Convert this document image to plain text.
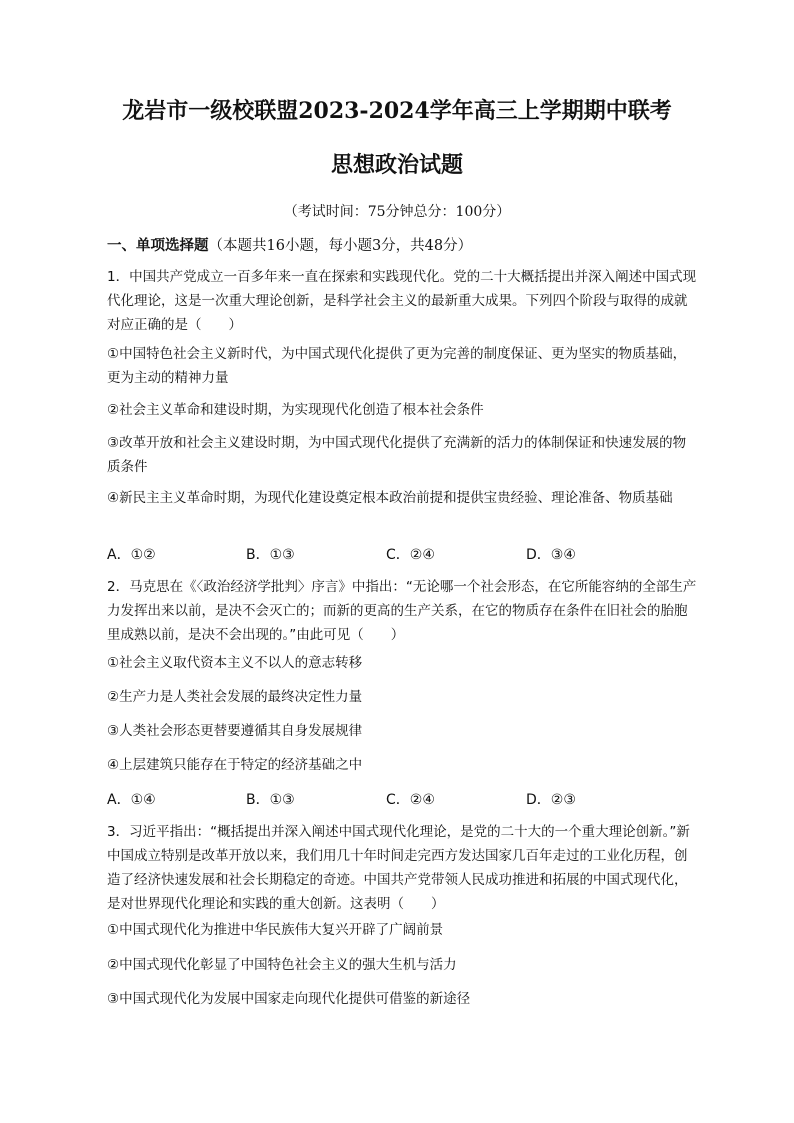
龙岩市一级校联盟2023-2024学年高三上学期期中联考
思想政治试题
（考试时间：75分钟总分：100分）
一、单项选择题（本题共16小题，每小题3分，共48分）
1．中国共产党成立一百多年来一直在探索和实践现代化。党的二十大概括提出并深入阐述中国式现代化理论，这是一次重大理论创新，是科学社会主义的最新重大成果。下列四个阶段与取得的成就对应正确的是（　　）
①中国特色社会主义新时代，为中国式现代化提供了更为完善的制度保证、更为坚实的物质基础，更为主动的精神力量
②社会主义革命和建设时期，为实现现代化创造了根本社会条件
③改革开放和社会主义建设时期，为中国式现代化提供了充满新的活力的体制保证和快速发展的物质条件
④新民主主义革命时期，为现代化建设奠定根本政治前提和提供宝贵经验、理论准备、物质基础
A．①②	B．①③	C．②④	D．③④
2．马克思在《〈政治经济学批判〉序言》中指出：“无论哪一个社会形态，在它所能容纳的全部生产力发挥出来以前，是决不会灭亡的；而新的更高的生产关系，在它的物质存在条件在旧社会的胎胞里成熟以前，是决不会出现的。”由此可见（　　）
①社会主义取代资本主义不以人的意志转移
②生产力是人类社会发展的最终决定性力量
③人类社会形态更替要遵循其自身发展规律
④上层建筑只能存在于特定的经济基础之中
A．①④	B．①③	C．②④	D．②③
3．习近平指出：“概括提出并深入阐述中国式现代化理论，是党的二十大的一个重大理论创新。”新中国成立特别是改革开放以来，我们用几十年时间走完西方发达国家几百年走过的工业化历程，创造了经济快速发展和社会长期稳定的奇迹。中国共产党带领人民成功推进和拓展的中国式现代化，是对世界现代化理论和实践的重大创新。这表明（　　）
①中国式现代化为推进中华民族伟大复兴开辟了广阔前景
②中国式现代化彰显了中国特色社会主义的强大生机与活力
③中国式现代化为发展中国家走向现代化提供可借鉴的新途径
